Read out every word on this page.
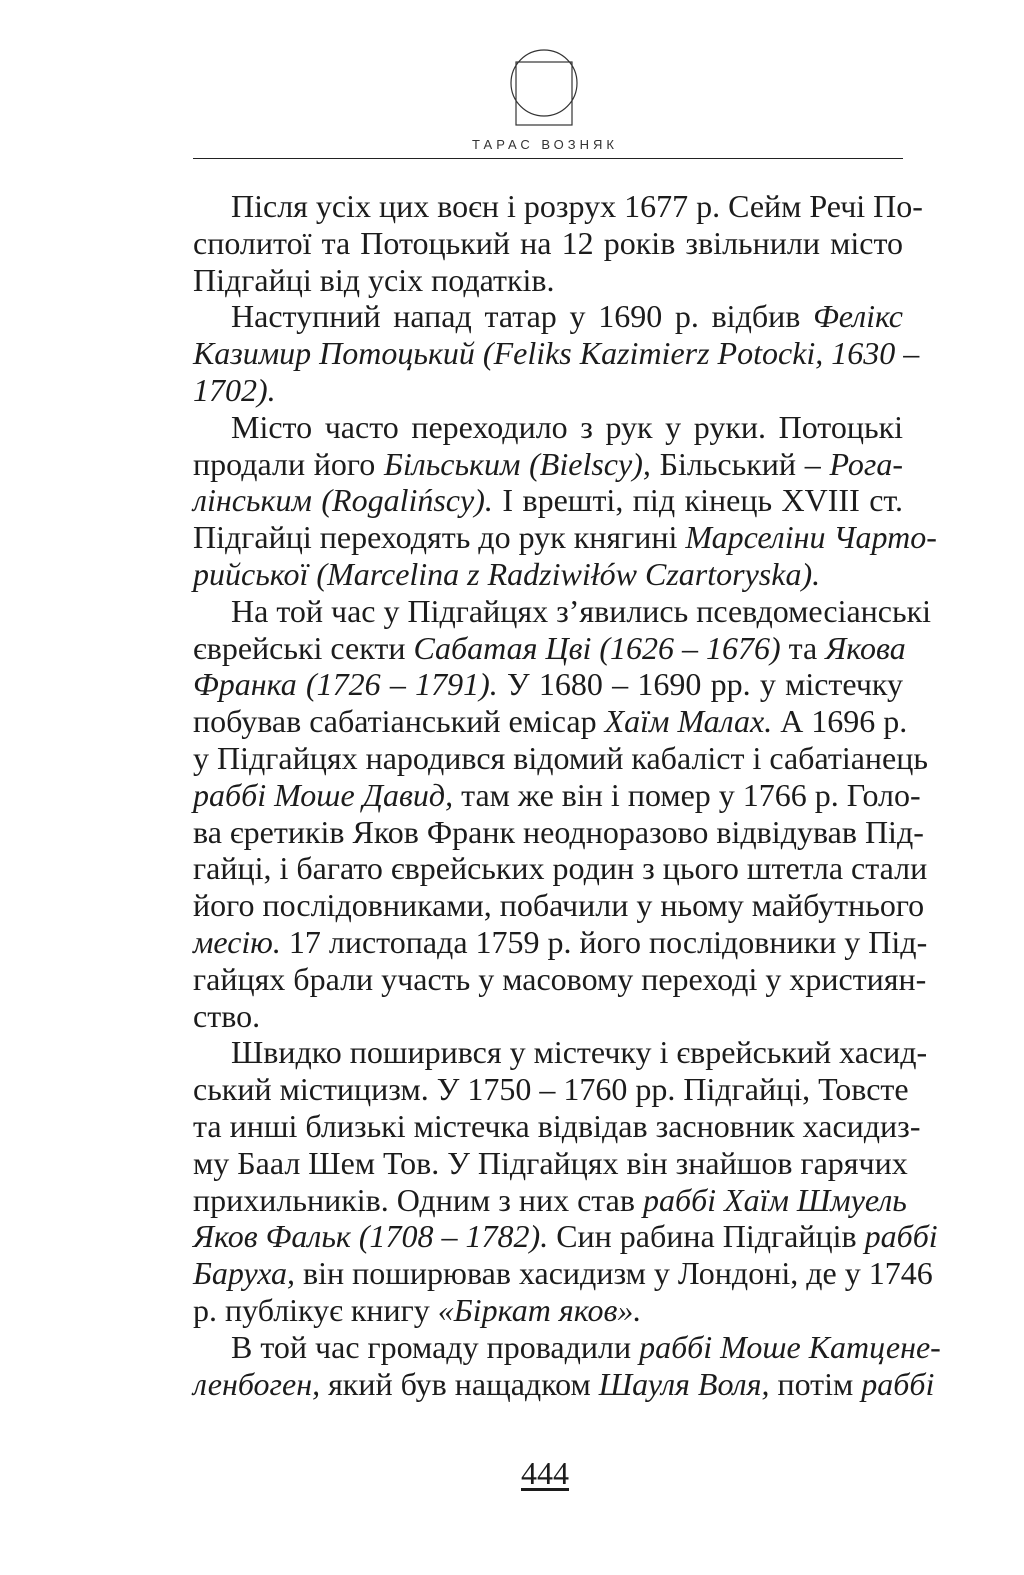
ТАРАС ВОЗНЯК
Після усіх цих воєн і розрух 1677 р. Сейм Речі По-
сполитої та Потоцький на 12 років звільнили місто
Підгайці від усіх податків.
Наступний напад татар у 1690 р. відбив Фелікс
Казимир Потоцький (Feliks Kazimierz Potocki, 1630 –
1702).
Місто часто переходило з рук у руки. Потоцькі
продали його Більським (Bielscy), Більський – Рога-
лінським (Rogalińscy). І врешті, під кінець XVIII ст.
Підгайці переходять до рук княгині Марселіни Чарто-
рийської (Marcelina z Radziwiłów Czartoryska).
На той час у Підгайцях з’явились псевдомесіанські
єврейські секти Сабатая Цві (1626 – 1676) та Якова
Франка (1726 – 1791). У 1680 – 1690 рр. у містечку
побував сабатіанський емісар Хаїм Малах. А 1696 р.
у Підгайцях народився відомий кабаліст і сабатіанець
раббі Моше Давид, там же він і помер у 1766 р. Голо-
ва єретиків Яков Франк неодноразово відвідував Під-
гайці, і багато єврейських родин з цього штетла стали
його послідовниками, побачили у ньому майбутнього
месію. 17 листопада 1759 р. його послідовники у Під-
гайцях брали участь у масовому переході у християн-
ство.
Швидко поширився у містечку і єврейський хасид-
ський містицизм. У 1750 – 1760 рр. Підгайці, Товсте
та инші близькі містечка відвідав засновник хасидиз-
му Баал Шем Тов. У Підгайцях він знайшов гарячих
прихильників. Одним з них став раббі Хаїм Шмуель
Яков Фальк (1708 – 1782). Син рабина Підгайців раббі
Баруха, він поширював хасидизм у Лондоні, де у 1746
р. публікує книгу «Біркат яков».
В той час громаду провадили раббі Моше Катцене-
ленбоген, який був нащадком Шауля Воля, потім раббі
444
